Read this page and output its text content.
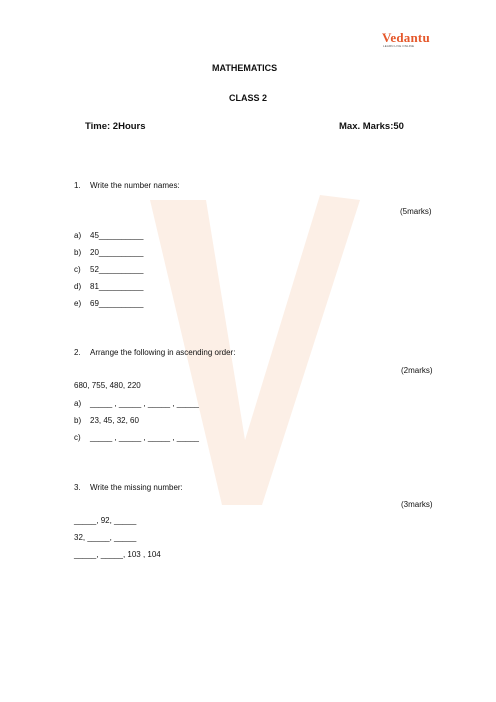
Vedantu
LEARN LIVE ONLINE
MATHEMATICS
CLASS 2
Time: 2Hours	Max. Marks:50
1. Write the number names:
(5marks)
a) 45__________
b) 20__________
c) 52__________
d) 81__________
e) 69__________
2. Arrange the following in ascending order:
(2marks)
680, 755, 480, 220
a) _____ , _____ , _____ , _____
b) 23, 45, 32, 60
c) _____ , _____ , _____ , _____
3. Write the missing number:
(3marks)
_____, 92, _____
32, _____, _____
_____, _____, 103 , 104
